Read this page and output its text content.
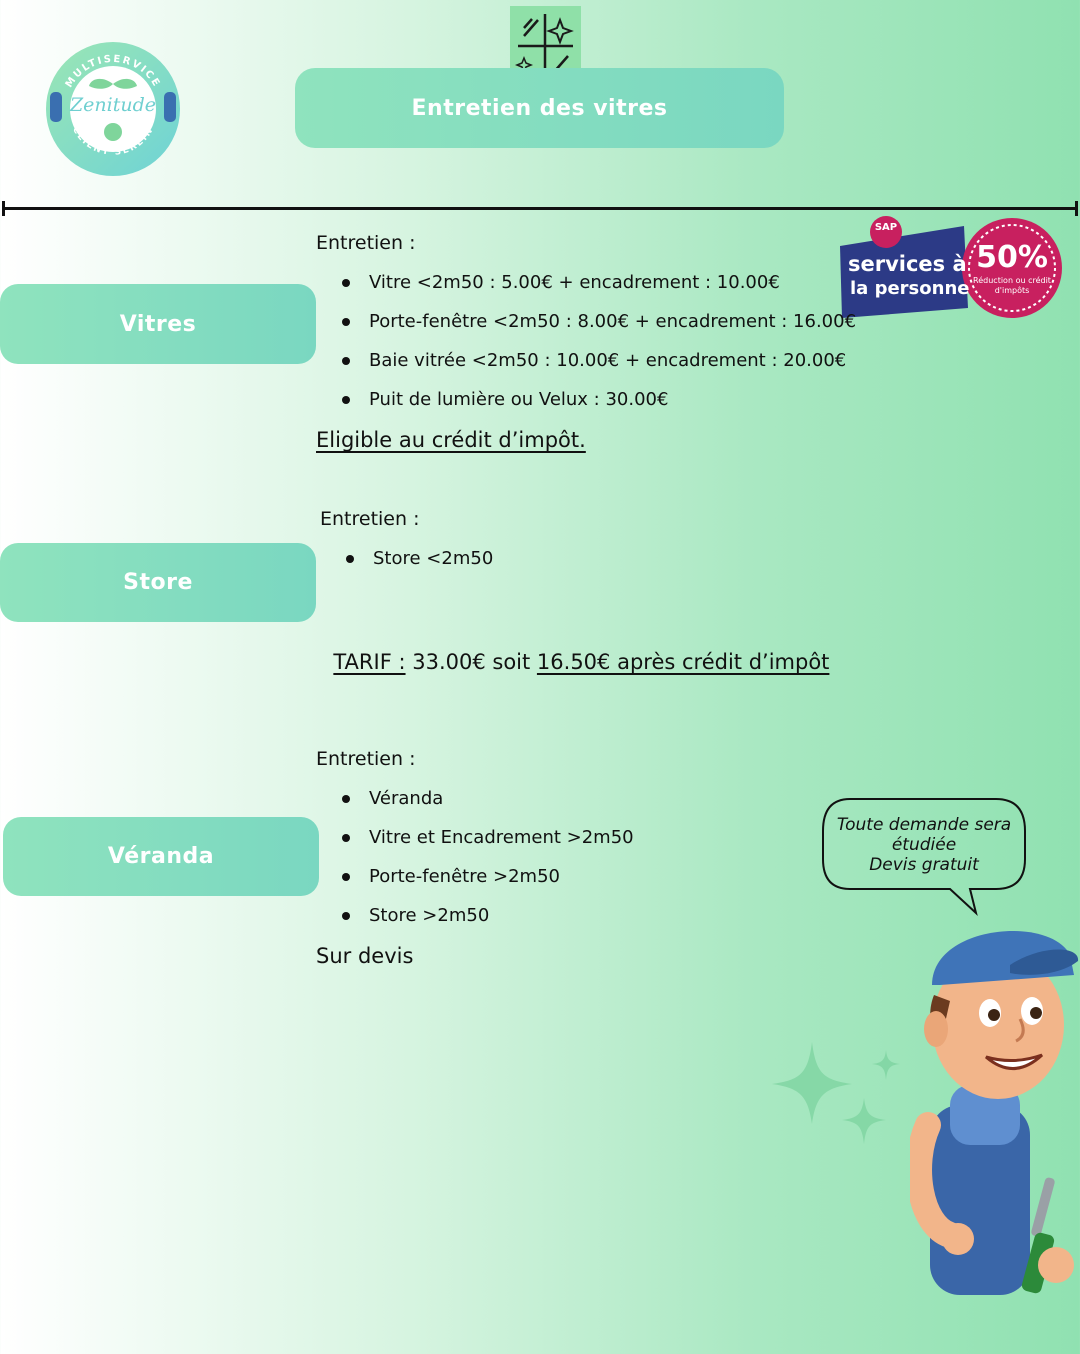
MULTISERVICE
CLIENT SEREIN
Zenitude	Entretien des vitres
SAP
services à
la personne
50%
Réduction ou crédit
d'impôts
Vitres
Entretien :
Vitre <2m50 : 5.00€ + encadrement : 10.00€
Porte-fenêtre <2m50 : 8.00€ + encadrement : 16.00€
Baie vitrée <2m50 : 10.00€ + encadrement : 20.00€
Puit de lumière ou Velux : 30.00€
Eligible au crédit d’impôt.
Store
Entretien :
Store <2m50

TARIF : 33.00€ soit 16.50€ après crédit d’impôt

Véranda
Entretien :
Véranda
Vitre et Encadrement >2m50
Porte-fenêtre >2m50
Store >2m50
Sur devis
Toute demande sera
étudiée
Devis gratuit
